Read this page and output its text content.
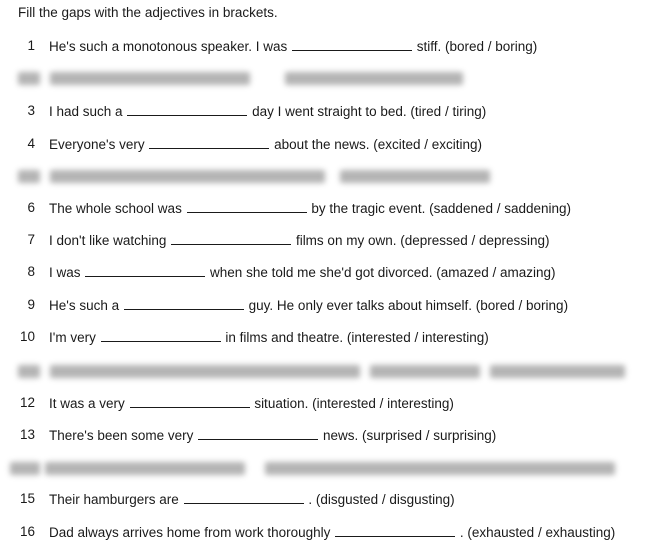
Fill the gaps with the adjectives in brackets.
1 He's such a monotonous speaker. I was	stiff. (bored / boring)
3 I had such a	day I went straight to bed. (tired / tiring)
4 Everyone's very	about the news. (excited / exciting)
6 The whole school was	by the tragic event. (saddened / saddening)
7 I don't like watching	films on my own. (depressed / depressing)
8 I was	when she told me she'd got divorced. (amazed / amazing)
9 He's such a	guy. He only ever talks about himself. (bored / boring)
10 I'm very	in films and theatre. (interested / interesting)
12 It was a very	situation. (interested / interesting)
13 There's been some very	news. (surprised / surprising)
15 Their hamburgers are	. (disgusted / disgusting)
16 Dad always arrives home from work thoroughly	. (exhausted / exhausting)
